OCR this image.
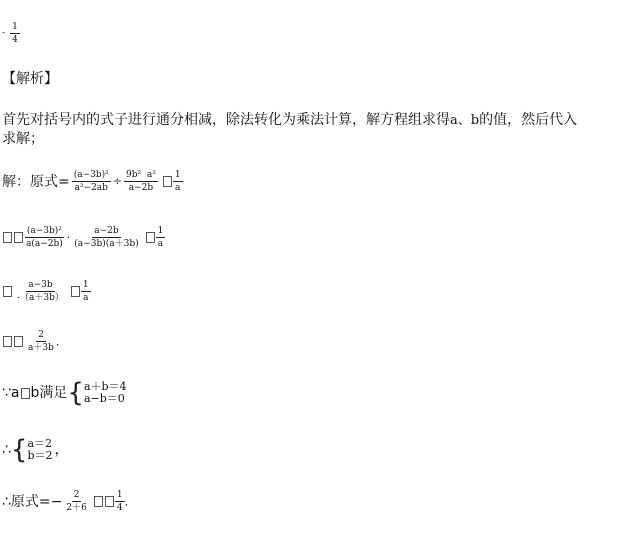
- $\frac{1}{4}$
【解析】
首先对括号内的式子进行通分相减，除法转化为乘法计算，解方程组求得a、b的值，然后代入
求解；
解：原式 = $\frac{\text{(a−3b)²}}{\text{a²−2ab}} \div \frac{\text{9b² a²}}{a-2b} \frac{1}{a}$
$\frac{\text{(a−3b)²}}{a(a-2b)} \cdot \frac{a-2b}{(a-3b)(a+3b)} \frac{1}{a}$
$\frac{a-3b}{-(a+3b)} \frac{1}{a}$
$\frac{2}{a+3b}$ ．
∵a b满足 { a＋b＝4
a−b＝0
∴ { a＝2
b＝2 ，
∴原式 =− $\frac{2}{2+6}$	$\frac{1}{4}$ ．
